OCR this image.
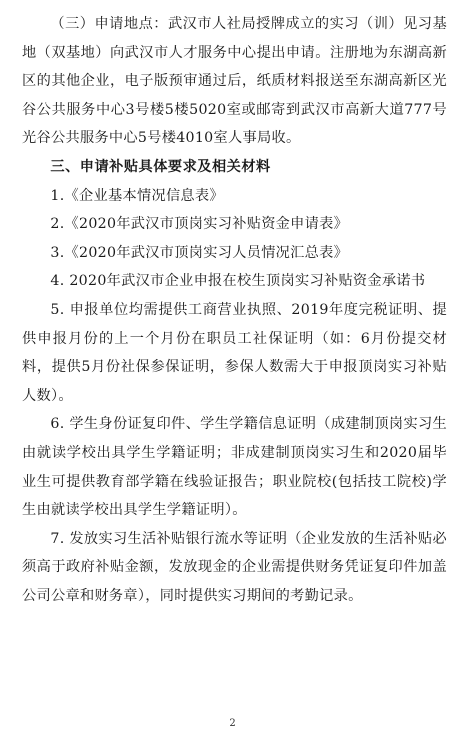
（三）申请地点：武汉市人社局授牌成立的实习（训）见习基地（双基地）向武汉市人才服务中心提出申请。注册地为东湖高新区的其他企业，电子版预审通过后，纸质材料报送至东湖高新区光谷公共服务中心3号楼5楼5020室或邮寄到武汉市高新大道777号光谷公共服务中心5号楼4010室人事局收。

三、申请补贴具体要求及相关材料

1.《企业基本情况信息表》

2.《2020年武汉市顶岗实习补贴资金申请表》

3.《2020年武汉市顶岗实习人员情况汇总表》

4. 2020年武汉市企业申报在校生顶岗实习补贴资金承诺书

5. 申报单位均需提供工商营业执照、2019年度完税证明、提供申报月份的上一个月份在职员工社保证明（如：6月份提交材料，提供5月份社保参保证明，参保人数需大于申报顶岗实习补贴人数）。

6. 学生身份证复印件、学生学籍信息证明（成建制顶岗实习生由就读学校出具学生学籍证明；非成建制顶岗实习生和2020届毕业生可提供教育部学籍在线验证报告；职业院校(包括技工院校)学生由就读学校出具学生学籍证明）。

7. 发放实习生活补贴银行流水等证明（企业发放的生活补贴必须高于政府补贴金额，发放现金的企业需提供财务凭证复印件加盖公司公章和财务章），同时提供实习期间的考勤记录。

2
